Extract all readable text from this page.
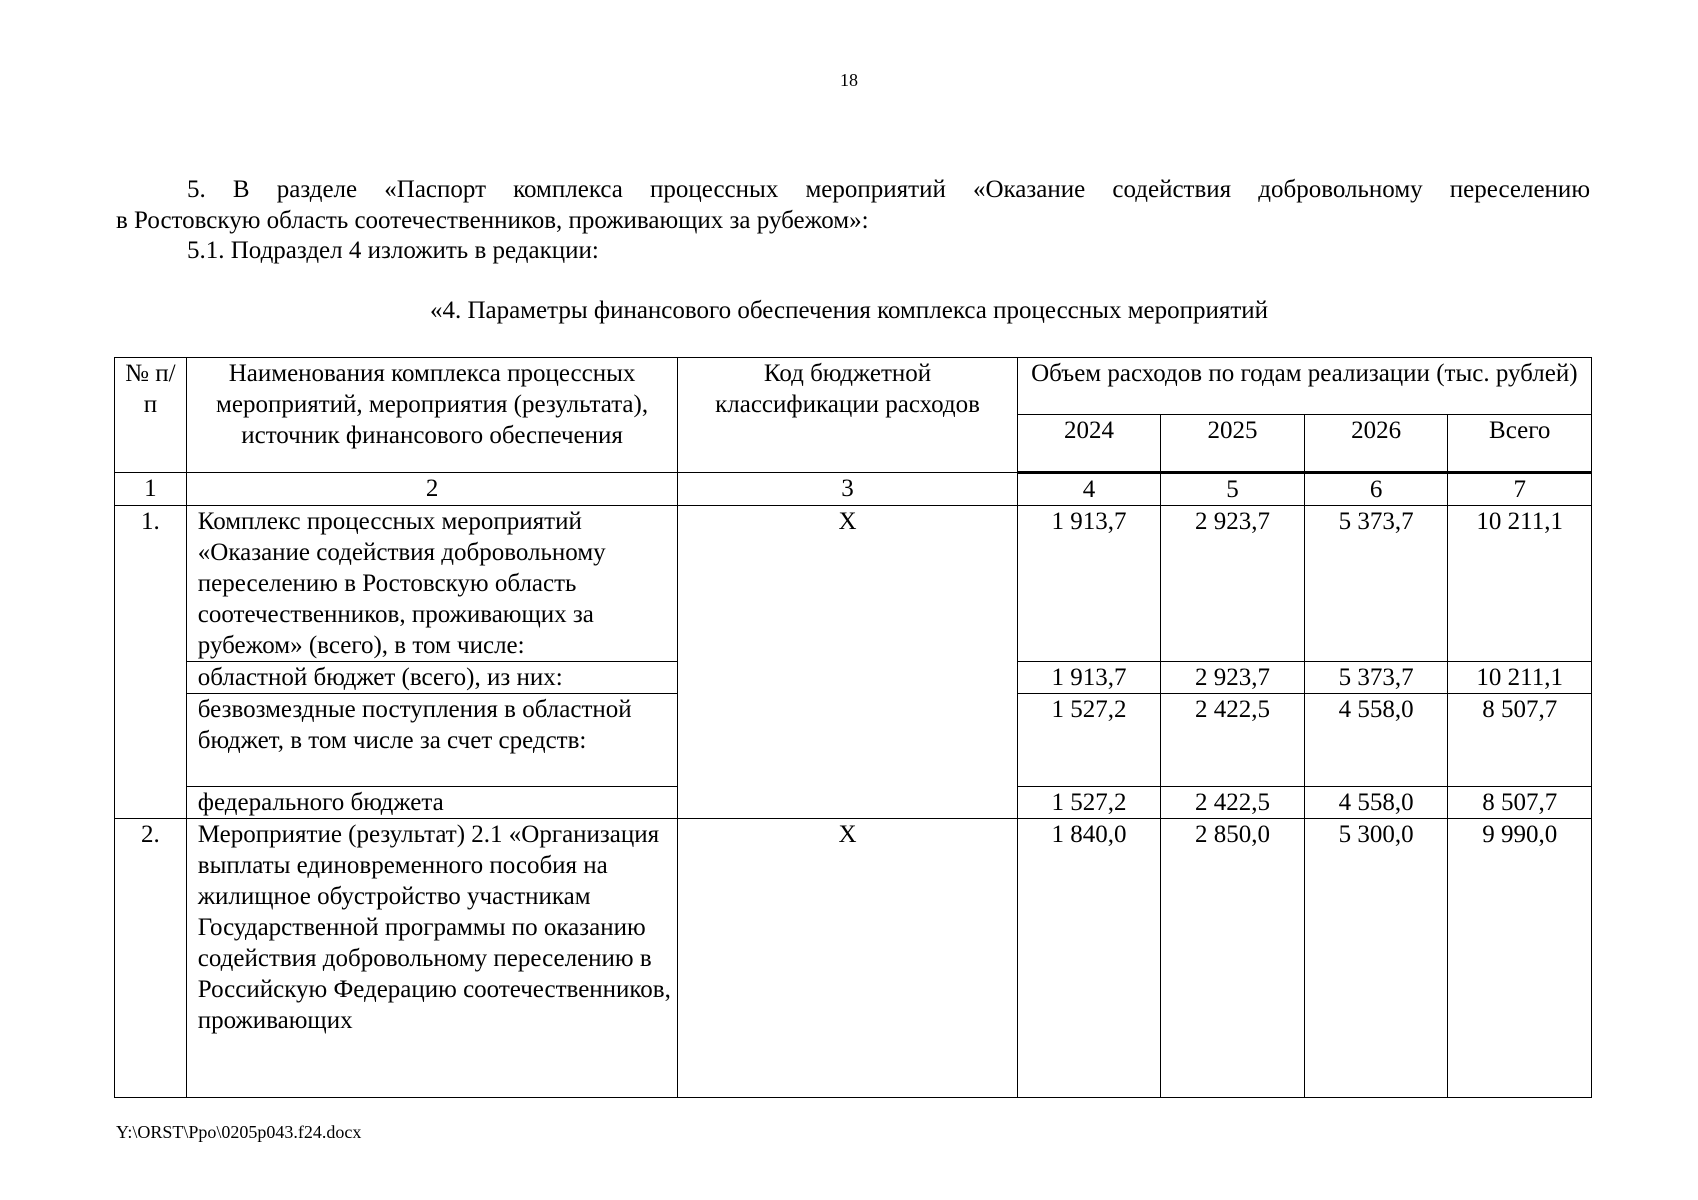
18
5. В разделе «Паспорт комплекса процессных мероприятий «Оказание содействия добровольному переселению
в Ростовскую область соотечественников, проживающих за рубежом»:
5.1. Подраздел 4 изложить в редакции:
«4. Параметры финансового обеспечения комплекса процессных мероприятий
№ п/п	Наименования комплекса процессных мероприятий, мероприятия (результата), источник финансового обеспечения	Код бюджетной классификации расходов	Объем расходов по годам реализации (тыс. рублей)			
			2024	2025	2026	Всего
1	2	3	4	5	6	7
1.	Комплекс процессных мероприятий «Оказание содействия добровольному переселению в Ростовскую область соотечественников, проживающих за рубежом» (всего), в том числе:	Х	1 913,7	2 923,7	5 373,7	10 211,1
	областной бюджет (всего), из них:		1 913,7	2 923,7	5 373,7	10 211,1
	безвозмездные поступления в областной бюджет, в том числе за счет средств:		1 527,2	2 422,5	4 558,0	8 507,7
	федерального бюджета		1 527,2	2 422,5	4 558,0	8 507,7
2.	Мероприятие (результат) 2.1 «Организация выплаты единовременного пособия на жилищное обустройство участникам Государственной программы по оказанию содействия добровольному переселению в Российскую Федерацию соотечественников, проживающих	Х	1 840,0	2 850,0	5 300,0	9 990,0
Y:\ORST\Ppo\0205p043.f24.docx
